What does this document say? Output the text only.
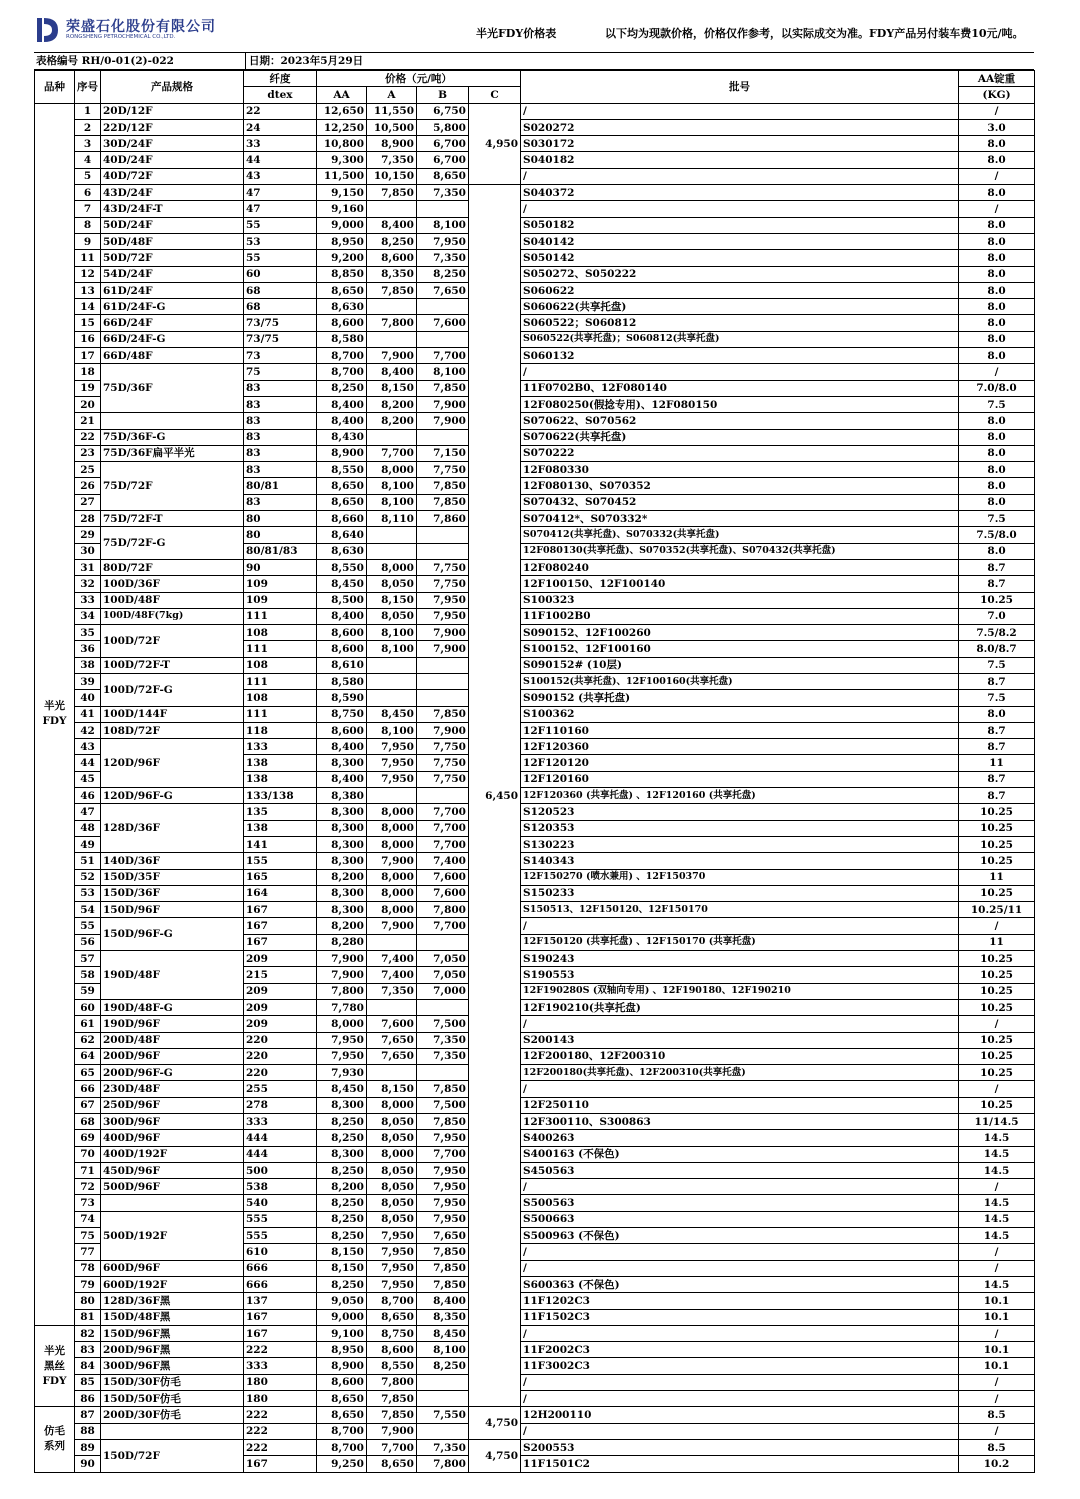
荣盛石化股份有限公司
RONGSHENG PETROCHEMICAL CO.,LTD.	半光FDY价格表	以下均为现款价格，价格仅作参考，以实际成交为准。FDY产品另付装车费10元/吨。
表格编号 RH/0-01(2)-022	日期：2023年5月29日
品种	序号	产品规格	纤度	价格（元/吨）				批号	AA锭重
			dtex	AA	A	B	C		(KG)
半光
FDY	1	20D/12F	22	12,650	11,550	6,750	4,950	/	/
	2	22D/12F	24	12,250	10,500	5,800		S020272	3.0
	3	30D/24F	33	10,800	8,900	6,700		S030172	8.0
	4	40D/24F	44	9,300	7,350	6,700		S040182	8.0
	5	40D/72F	43	11,500	10,150	8,650		/	/
	6	43D/24F	47	9,150	7,850	7,350	6,450	S040372	8.0
	7	43D/24F-T	47	9,160				/	/
	8	50D/24F	55	9,000	8,400	8,100		S050182	8.0
	9	50D/48F	53	8,950	8,250	7,950		S040142	8.0
	11	50D/72F	55	9,200	8,600	7,350		S050142	8.0
	12	54D/24F	60	8,850	8,350	8,250		S050272、S050222	8.0
	13	61D/24F	68	8,650	7,850	7,650		S060622	8.0
	14	61D/24F-G	68	8,630				S060622(共享托盘)	8.0
	15	66D/24F	73/75	8,600	7,800	7,600		S060522；S060812	8.0
	16	66D/24F-G	73/75	8,580				S060522(共享托盘)；S060812(共享托盘)	8.0
	17	66D/48F	73	8,700	7,900	7,700		S060132	8.0
	18	75D/36F	75	8,700	8,400	8,100		/	/
	19		83	8,250	8,150	7,850		11F0702B0、12F080140	7.0/8.0
	20		83	8,400	8,200	7,900		12F080250(假捻专用)、12F080150	7.5
	21		83	8,400	8,200	7,900		S070622、S070562	8.0
	22	75D/36F-G	83	8,430				S070622(共享托盘)	8.0
	23	75D/36F扁平半光	83	8,900	7,700	7,150		S070222	8.0
	25	75D/72F	83	8,550	8,000	7,750		12F080330	8.0
	26		80/81	8,650	8,100	7,850		12F080130、S070352	8.0
	27		83	8,650	8,100	7,850		S070432、S070452	8.0
	28	75D/72F-T	80	8,660	8,110	7,860		S070412*、S070332*	7.5
	29	75D/72F-G	80	8,640				S070412(共享托盘)、S070332(共享托盘)	7.5/8.0
	30		80/81/83	8,630				12F080130(共享托盘)、S070352(共享托盘)、S070432(共享托盘)	8.0
	31	80D/72F	90	8,550	8,000	7,750		12F080240	8.7
	32	100D/36F	109	8,450	8,050	7,750		12F100150、12F100140	8.7
	33	100D/48F	109	8,500	8,150	7,950		S100323	10.25
	34	100D/48F(7kg)	111	8,400	8,050	7,950		11F1002B0	7.0
	35	100D/72F	108	8,600	8,100	7,900		S090152、12F100260	7.5/8.2
	36		111	8,600	8,100	7,900		S100152、12F100160	8.0/8.7
	38	100D/72F-T	108	8,610				S090152# (10层)	7.5
	39	100D/72F-G	111	8,580				S100152(共享托盘)、12F100160(共享托盘)	8.7
	40		108	8,590				S090152 (共享托盘)	7.5
	41	100D/144F	111	8,750	8,450	7,850		S100362	8.0
	42	108D/72F	118	8,600	8,100	7,900		12F110160	8.7
	43	120D/96F	133	8,400	7,950	7,750		12F120360	8.7
	44		138	8,300	7,950	7,750		12F120120	11
	45		138	8,400	7,950	7,750		12F120160	8.7
	46	120D/96F-G	133/138	8,380				12F120360 (共享托盘) 、12F120160 (共享托盘)	8.7
	47	128D/36F	135	8,300	8,000	7,700		S120523	10.25
	48		138	8,300	8,000	7,700		S120353	10.25
	49		141	8,300	8,000	7,700		S130223	10.25
	51	140D/36F	155	8,300	7,900	7,400		S140343	10.25
	52	150D/35F	165	8,200	8,000	7,600		12F150270 (喷水兼用) 、12F150370	11
	53	150D/36F	164	8,300	8,000	7,600		S150233	10.25
	54	150D/96F	167	8,300	8,000	7,800		S150513、12F150120、12F150170	10.25/11
	55	150D/96F-G	167	8,200	7,900	7,700		/	/
	56		167	8,280				12F150120 (共享托盘) 、12F150170 (共享托盘)	11
	57	190D/48F	209	7,900	7,400	7,050		S190243	10.25
	58		215	7,900	7,400	7,050		S190553	10.25
	59		209	7,800	7,350	7,000		12F190280S (双轴向专用) 、12F190180、12F190210	10.25
	60	190D/48F-G	209	7,780				12F190210(共享托盘)	10.25
	61	190D/96F	209	8,000	7,600	7,500		/	/
	62	200D/48F	220	7,950	7,650	7,350		S200143	10.25
	64	200D/96F	220	7,950	7,650	7,350		12F200180、12F200310	10.25
	65	200D/96F-G	220	7,930				12F200180(共享托盘)、12F200310(共享托盘)	10.25
	66	230D/48F	255	8,450	8,150	7,850		/	/
	67	250D/96F	278	8,300	8,000	7,500		12F250110	10.25
	68	300D/96F	333	8,250	8,050	7,850		12F300110、S300863	11/14.5
	69	400D/96F	444	8,250	8,050	7,950		S400263	14.5
	70	400D/192F	444	8,300	8,000	7,700		S400163 (不保色)	14.5
	71	450D/96F	500	8,250	8,050	7,950		S450563	14.5
	72	500D/96F	538	8,200	8,050	7,950		/	/
	73		540	8,250	8,050	7,950		S500563	14.5
	74	500D/192F	555	8,250	8,050	7,950		S500663	14.5
	75		555	8,250	7,950	7,650		S500963 (不保色)	14.5
	77		610	8,150	7,950	7,850		/	/
	78	600D/96F	666	8,150	7,950	7,850		/	/
	79	600D/192F	666	8,250	7,950	7,850		S600363 (不保色)	14.5
	80	128D/36F黑	137	9,050	8,700	8,400		11F1202C3	10.1
	81	150D/48F黑	167	9,000	8,650	8,350		11F1502C3	10.1
半光
黑丝
FDY	82	150D/96F黑	167	9,100	8,750	8,450		/	/
	83	200D/96F黑	222	8,950	8,600	8,100		11F2002C3	10.1
	84	300D/96F黑	333	8,900	8,550	8,250		11F3002C3	10.1
	85	150D/30F仿毛	180	8,600	7,800			/	/
	86	150D/50F仿毛	180	8,650	7,850			/	/
仿毛
系列	87	200D/30F仿毛	222	8,650	7,850	7,550	4,750	12H200110	8.5
	88		222	8,700	7,900			/	/
	89	150D/72F	222	8,700	7,700	7,350	4,750	S200553	8.5
	90		167	9,250	8,650	7,800		11F1501C2	10.2
